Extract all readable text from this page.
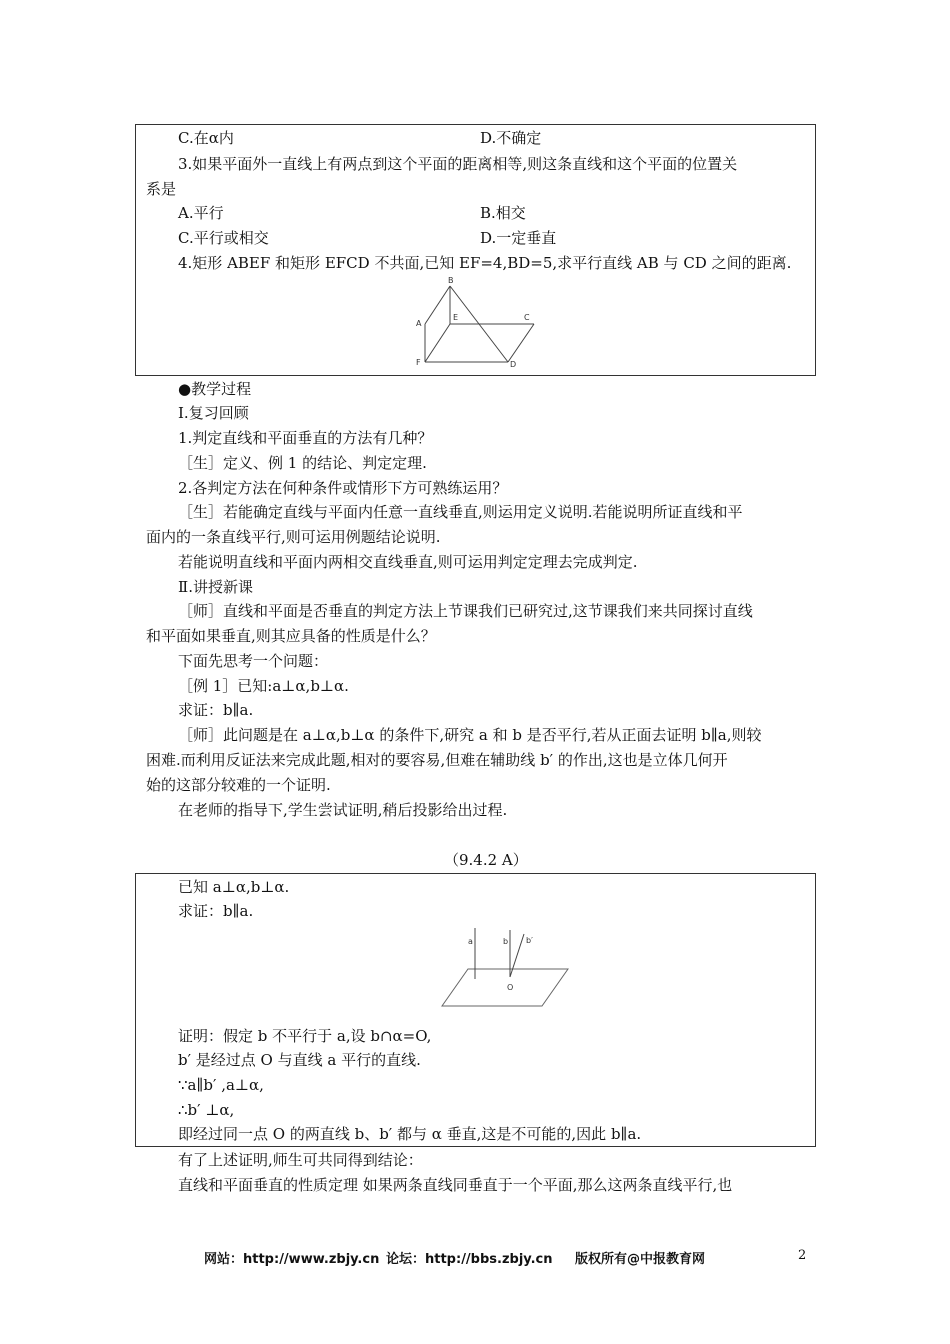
C.在α内	D.不确定
3.如果平面外一直线上有两点到这个平面的距离相等,则这条直线和这个平面的位置关
系是
A.平行	B.相交
C.平行或相交	D.一定垂直
4.矩形 ABEF 和矩形 EFCD 不共面,已知 EF=4,BD=5,求平行直线 AB 与 CD 之间的距离.
B
A
E	C
F	D
●教学过程
Ⅰ.复习回顾
1.判定直线和平面垂直的方法有几种？
［生］定义、例 1 的结论、判定定理.
2.各判定方法在何种条件或情形下方可熟练运用？
［生］若能确定直线与平面内任意一直线垂直,则运用定义说明.若能说明所证直线和平
面内的一条直线平行,则可运用例题结论说明.
若能说明直线和平面内两相交直线垂直,则可运用判定定理去完成判定.
Ⅱ.讲授新课
［师］直线和平面是否垂直的判定方法上节课我们已研究过,这节课我们来共同探讨直线
和平面如果垂直,则其应具备的性质是什么？
下面先思考一个问题：
［例 1］已知:a⊥α,b⊥α.
求证：b∥a.
［师］此问题是在 a⊥α,b⊥α 的条件下,研究 a 和 b 是否平行,若从正面去证明 b∥a,则较
困难.而利用反证法来完成此题,相对的要容易,但难在辅助线 b′ 的作出,这也是立体几何开
始的这部分较难的一个证明.
在老师的指导下,学生尝试证明,稍后投影给出过程.
（9.4.2 A）
已知 a⊥α,b⊥α.
求证：b∥a.
a	b b′
O
证明：假定 b 不平行于 a,设 b∩α=O,
b′ 是经过点 O 与直线 a 平行的直线.
∵a∥b′ ,a⊥α,
∴b′ ⊥α,
即经过同一点 O 的两直线 b、b′ 都与 α 垂直,这是不可能的,因此 b∥a.
有了上述证明,师生可共同得到结论：
直线和平面垂直的性质定理 如果两条直线同垂直于一个平面,那么这两条直线平行,也
网站：http://www.zbjy.cn 论坛：http://bbs.zbjy.cn 版权所有@中报教育网	2
